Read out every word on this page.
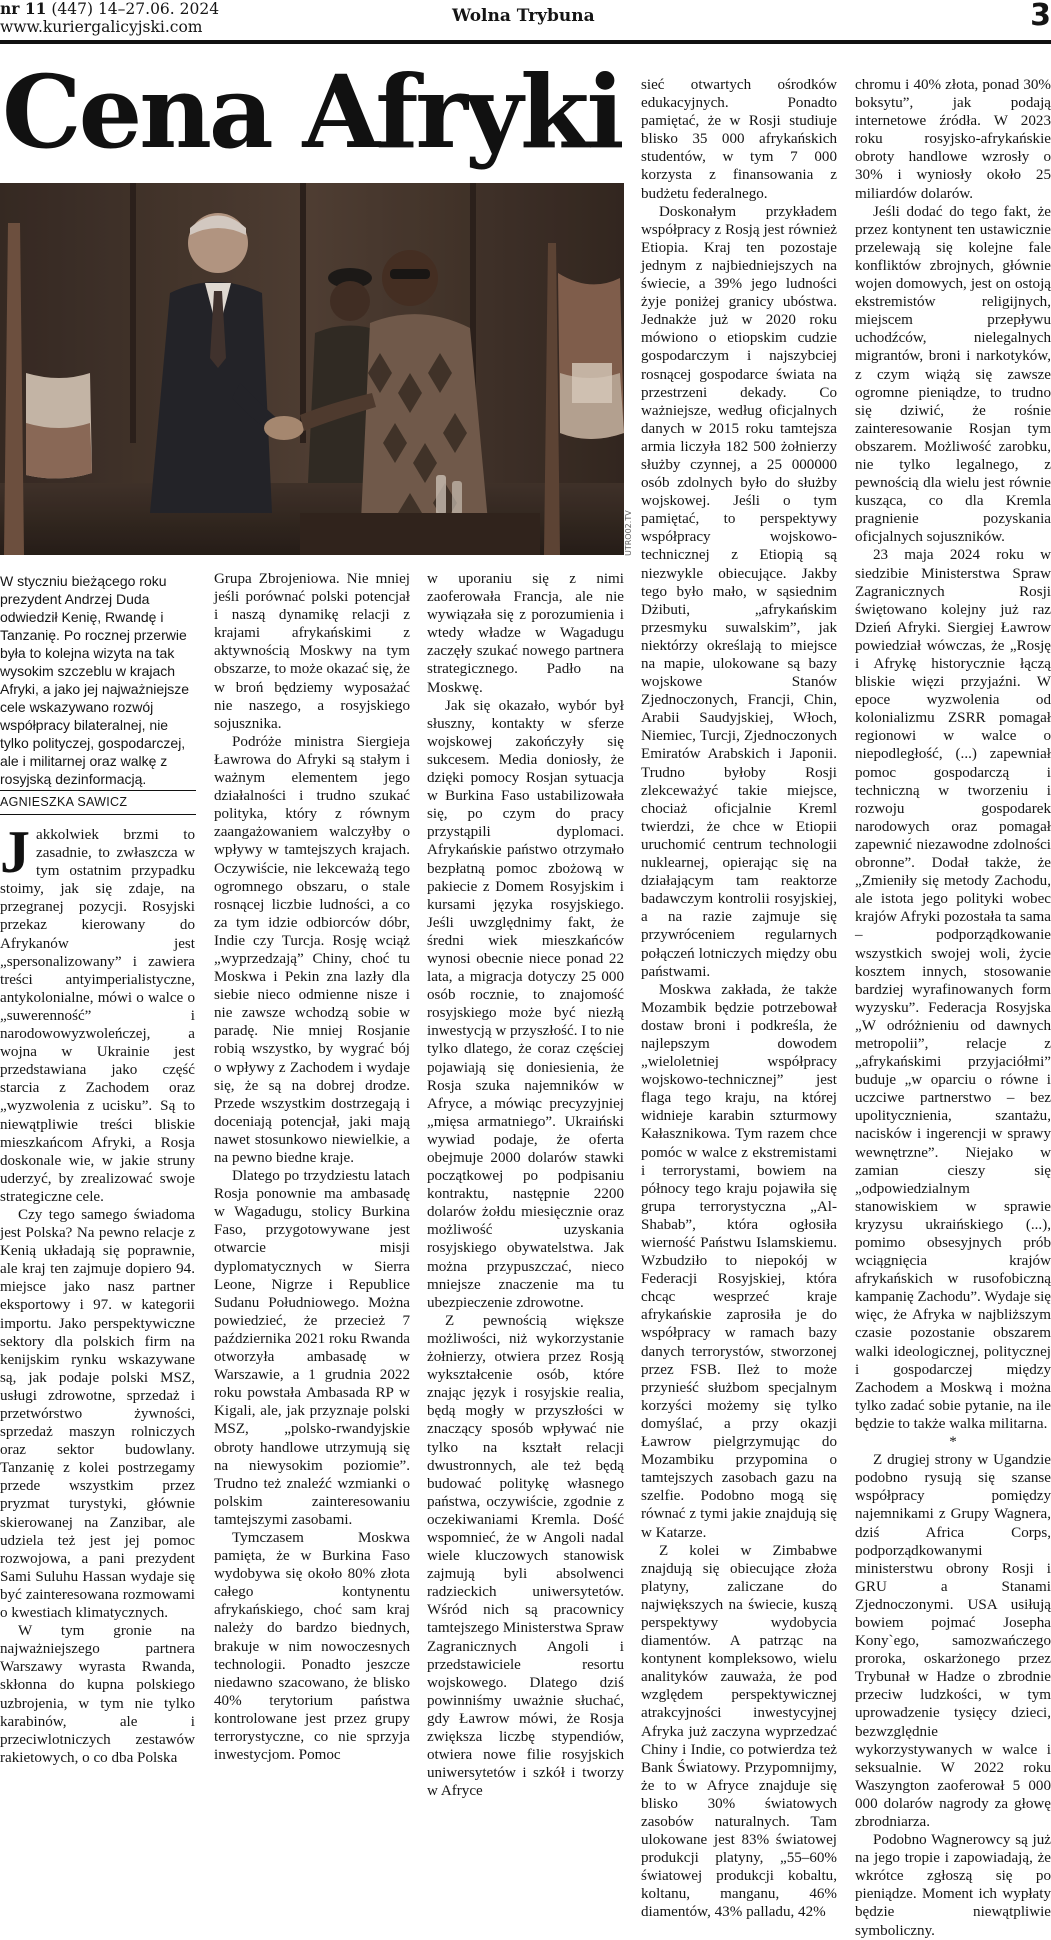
nr 11 (447) 14–27.06. 2024
www.kuriergalicyjski.com
Wolna Trybuna	3
Cena Afryki
UTRO02.TV
W styczniu bieżącego roku prezydent Andrzej Duda odwiedził Kenię, Rwandę i Tanzanię. Po rocznej przerwie była to kolejna wizyta na tak wysokim szczeblu w krajach Afryki, a jako jej najważniejsze cele wskazywano rozwój współpracy bilateralnej, nie tylko polityczej, gospodarczej, ale i militarnej oraz walkę z rosyjską dezinformacją.
AGNIESZKA SAWICZ

Jakkolwiek brzmi to zasadnie, to zwłaszcza w tym ostatnim przypadku stoimy, jak się zdaje, na przegranej pozycji. Rosyjski przekaz kierowany do Afrykanów jest „spersonalizowany” i zawiera treści antyimperialistyczne, antykolonialne, mówi o walce o „suwerenność” i narodowowyzwoleńczej, a wojna w Ukrainie jest przedstawiana jako część starcia z Zachodem oraz „wyzwolenia z ucisku”. Są to niewątpliwie treści bliskie mieszkańcom Afryki, a Rosja doskonale wie, w jakie struny uderzyć, by zrealizować swoje strategiczne cele.

Czy tego samego świadoma jest Polska? Na pewno relacje z Kenią układają się poprawnie, ale kraj ten zajmuje dopiero 94. miejsce jako nasz partner eksportowy i 97. w kategorii importu. Jako perspektywiczne sektory dla polskich firm na kenijskim rynku wskazywane są, jak podaje polski MSZ, usługi zdrowotne, sprzedaż i przetwórstwo żywności, sprzedaż maszyn rolniczych oraz sektor budowlany. Tanzanię z kolei postrzegamy przede wszystkim przez pryzmat turystyki, głównie skierowanej na Zanzibar, ale udziela też jest jej pomoc rozwojowa, a pani prezydent Sami Suluhu Hassan wydaje się być zainteresowana rozmowami o kwestiach klimatycznych.

W tym gronie na najważniejszego partnera Warszawy wyrasta Rwanda, skłonna do kupna polskiego uzbrojenia, w tym nie tylko karabinów, ale i przeciwlotniczych zestawów rakietowych, o co dba Polska

Grupa Zbrojeniowa. Nie mniej jeśli porównać polski potencjał i naszą dynamikę relacji z krajami afrykańskimi z aktywnością Moskwy na tym obszarze, to może okazać się, że w broń będziemy wyposażać nie naszego, a rosyjskiego sojusznika.

Podróże ministra Siergieja Ławrowa do Afryki są stałym i ważnym elementem jego działalności i trudno szukać polityka, który z równym zaangażowaniem walczyłby o wpływy w tamtejszych krajach. Oczywiście, nie lekceważą tego ogromnego obszaru, o stale rosnącej liczbie ludności, a co za tym idzie odbiorców dóbr, Indie czy Turcja. Rosję wciąż „wyprzedzają” Chiny, choć tu Moskwa i Pekin zna lazły dla siebie nieco odmienne nisze i nie zawsze wchodzą sobie w paradę. Nie mniej Rosjanie robią wszystko, by wygrać bój o wpływy z Zachodem i wydaje się, że są na dobrej drodze. Przede wszystkim dostrzegają i doceniają potencjał, jaki mają nawet stosunkowo niewielkie, a na pewno biedne kraje.

Dlatego po trzydziestu latach Rosja ponownie ma ambasadę w Wagadugu, stolicy Burkina Faso, przygotowywane jest otwarcie misji dyplomatycznych w Sierra Leone, Nigrze i Republice Sudanu Południowego. Można powiedzieć, że przecież 7 października 2021 roku Rwanda otworzyła ambasadę w Warszawie, a 1 grudnia 2022 roku powstała Ambasada RP w Kigali, ale, jak przyznaje polski MSZ, „polsko-rwandyjskie obroty handlowe utrzymują się na niewysokim poziomie”. Trudno też znaleźć wzmianki o polskim zainteresowaniu tamtejszymi zasobami.

Tymczasem Moskwa pamięta, że w Burkina Faso wydobywa się około 80% złota całego kontynentu afrykańskiego, choć sam kraj należy do bardzo biednych, brakuje w nim nowoczesnych technologii. Ponadto jeszcze niedawno szacowano, że blisko 40% terytorium państwa kontrolowane jest przez grupy terrorystyczne, co nie sprzyja inwestycjom. Pomoc

w uporaniu się z nimi zaoferowała Francja, ale nie wywiązała się z porozumienia i wtedy władze w Wagadugu zaczęły szukać nowego partnera strategicznego. Padło na Moskwę.

Jak się okazało, wybór był słuszny, kontakty w sferze wojskowej zakończyły się sukcesem. Media doniosły, że dzięki pomocy Rosjan sytuacja w Burkina Faso ustabilizowała się, po czym do pracy przystąpili dyplomaci. Afrykańskie państwo otrzymało bezpłatną pomoc zbożową w pakiecie z Domem Rosyjskim i kursami języka rosyjskiego. Jeśli uwzględnimy fakt, że średni wiek mieszkańców wynosi obecnie niece ponad 22 lata, a migracja dotyczy 25 000 osób rocznie, to znajomość rosyjskiego może być niezłą inwestycją w przyszłość. I to nie tylko dlatego, że coraz częściej pojawiają się doniesienia, że Rosja szuka najemników w Afryce, a mówiąc precyzyjniej „mięsa armatniego”. Ukraiński wywiad podaje, że oferta obejmuje 2000 dolarów stawki początkowej po podpisaniu kontraktu, następnie 2200 dolarów żołdu miesięcznie oraz możliwość uzyskania rosyjskiego obywatelstwa. Jak można przypuszczać, nieco mniejsze znaczenie ma tu ubezpieczenie zdrowotne.

Z pewnością większe możliwości, niż wykorzystanie żołnierzy, otwiera przez Rosją wykształcenie osób, które znając język i rosyjskie realia, będą mogły w przyszłości w znaczący sposób wpływać nie tylko na kształt relacji dwustronnych, ale też będą budować politykę własnego państwa, oczywiście, zgodnie z oczekiwaniami Kremla. Dość wspomnieć, że w Angoli nadal wiele kluczowych stanowisk zajmują byli absolwenci radzieckich uniwersytetów. Wśród nich są pracownicy tamtejszego Ministerstwa Spraw Zagranicznych Angoli i przedstawiciele resortu wojskowego. Dlatego dziś powinniśmy uważnie słuchać, gdy Ławrow mówi, że Rosja zwiększa liczbę stypendiów, otwiera nowe filie rosyjskich uniwersytetów i szkół i tworzy w Afryce

sieć otwartych ośrodków edukacyjnych. Ponadto pamiętać, że w Rosji studiuje blisko 35 000 afrykańskich studentów, w tym 7 000 korzysta z finansowania z budżetu federalnego.

Doskonałym przykładem współpracy z Rosją jest również Etiopia. Kraj ten pozostaje jednym z najbiedniejszych na świecie, a 39% jego ludności żyje poniżej granicy ubóstwa. Jednakże już w 2020 roku mówiono o etiopskim cudzie gospodarczym i najszybciej rosnącej gospodarce świata na przestrzeni dekady. Co ważniejsze, według oficjalnych danych w 2015 roku tamtejsza armia liczyła 182 500 żołnierzy służby czynnej, a 25 000000 osób zdolnych było do służby wojskowej. Jeśli o tym pamiętać, to perspektywy współpracy wojskowo-technicznej z Etiopią są niezwykle obiecujące. Jakby tego było mało, w sąsiednim Dżibuti, „afrykańskim przesmyku suwalskim”, jak niektórzy określają to miejsce na mapie, ulokowane są bazy wojskowe Stanów Zjednoczonych, Francji, Chin, Arabii Saudyjskiej, Włoch, Niemiec, Turcji, Zjednoczonych Emiratów Arabskich i Japonii. Trudno byłoby Rosji zlekceważyć takie miejsce, chociaż oficjalnie Kreml twierdzi, że chce w Etiopii uruchomić centrum technologii nuklearnej, opierając się na działającym tam reaktorze badawczym kontrolii rosyjskiej, a na razie zajmuje się przywróceniem regularnych połączeń lotniczych między obu państwami.

Moskwa zakłada, że także Mozambik będzie potrzebował dostaw broni i podkreśla, że najlepszym dowodem „wieloletniej współpracy wojskowo-technicznej” jest flaga tego kraju, na której widnieje karabin szturmowy Kałasznikowa. Tym razem chce pomóc w walce z ekstremistami i terrorystami, bowiem na północy tego kraju pojawiła się grupa terrorystyczna „Al-Shabab”, która ogłosiła wierność Państwu Islamskiemu. Wzbudziło to niepokój w Federacji Rosyjskiej, która chcąc wesprzeć kraje afrykańskie zaprosiła je do współpracy w ramach bazy danych terrorystów, stworzonej przez FSB. Ileż to może przynieść służbom specjalnym korzyści możemy się tylko domyślać, a przy okazji Ławrow pielgrzymując do Mozambiku przypomina o tamtejszych zasobach gazu na szelfie. Podobno mogą się równać z tymi jakie znajdują się w Katarze.

Z kolei w Zimbabwe znajdują się obiecujące złoża platyny, zaliczane do największych na świecie, kuszą perspektywy wydobycia diamentów. A patrząc na kontynent kompleksowo, wielu analityków zauważa, że pod względem perspektywicznej atrakcyjności inwestycyjnej Afryka już zaczyna wyprzedzać Chiny i Indie, co potwierdza też Bank Światowy. Przypomnijmy, że to w Afryce znajduje się blisko 30% światowych zasobów naturalnych. Tam ulokowane jest 83% światowej produkcji platyny, „55–60% światowej produkcji kobaltu, koltanu, manganu, 46% diamentów, 43% palladu, 42%

chromu i 40% złota, ponad 30% boksytu”, jak podają internetowe źródła. W 2023 roku rosyjsko-afrykańskie obroty handlowe wzrosły o 30% i wyniosły około 25 miliardów dolarów.

Jeśli dodać do tego fakt, że przez kontynent ten ustawicznie przelewają się kolejne fale konfliktów zbrojnych, głównie wojen domowych, jest on ostoją ekstremistów religijnych, miejscem przepływu uchodźców, nielegalnych migrantów, broni i narkotyków, z czym wiążą się zawsze ogromne pieniądze, to trudno się dziwić, że rośnie zainteresowanie Rosjan tym obszarem. Możliwość zarobku, nie tylko legalnego, z pewnością dla wielu jest równie kusząca, co dla Kremla pragnienie pozyskania oficjalnych sojuszników.

23 maja 2024 roku w siedzibie Ministerstwa Spraw Zagranicznych Rosji świętowano kolejny już raz Dzień Afryki. Siergiej Ławrow powiedział wówczas, że „Rosję i Afrykę historycznie łączą bliskie więzi przyjaźni. W epoce wyzwolenia od kolonializmu ZSRR pomagał regionowi w walce o niepodległość, (...) zapewniał pomoc gospodarczą i techniczną w tworzeniu i rozwoju gospodarek narodowych oraz pomagał zapewnić niezawodne zdolności obronne”. Dodał także, że „Zmieniły się metody Zachodu, ale istota jego polityki wobec krajów Afryki pozostała ta sama – podporządkowanie wszystkich swojej woli, życie kosztem innych, stosowanie bardziej wyrafinowanych form wyzysku”. Federacja Rosyjska „W odróżnieniu od dawnych metropolii”, relacje z „afrykańskimi przyjaciółmi” buduje „w oparciu o równe i uczciwe partnerstwo – bez upolitycznienia, szantażu, nacisków i ingerencji w sprawy wewnętrzne”. Niejako w zamian cieszy się „odpowiedzialnym stanowiskiem w sprawie kryzysu ukraińskiego (...), pomimo obsesyjnych prób wciągnięcia krajów afrykańskich w rusofobiczną kampanię Zachodu”. Wydaje się więc, że Afryka w najbliższym czasie pozostanie obszarem walki ideologicznej, politycznej i gospodarczej między Zachodem a Moskwą i można tylko zadać sobie pytanie, na ile będzie to także walka militarna.

*

Z drugiej strony w Ugandzie podobno rysują się szanse współpracy pomiędzy najemnikami z Grupy Wagnera, dziś Africa Corps, podporządkowanymi ministerstwu obrony Rosji i GRU a Stanami Zjednoczonymi. USA usiłują bowiem pojmać Josepha Kony`ego, samozwańczego proroka, oskarżonego przez Trybunał w Hadze o zbrodnie przeciw ludzkości, w tym uprowadzenie tysięcy dzieci, bezwzględnie wykorzystywanych w walce i seksualnie. W 2022 roku Waszyngton zaoferował 5 000 000 dolarów nagrody za głowę zbrodniarza.

Podobno Wagnerowcy są już na jego tropie i zapowiadają, że wkrótce zgłoszą się po pieniądze. Moment ich wypłaty będzie niewątpliwie symboliczny.
